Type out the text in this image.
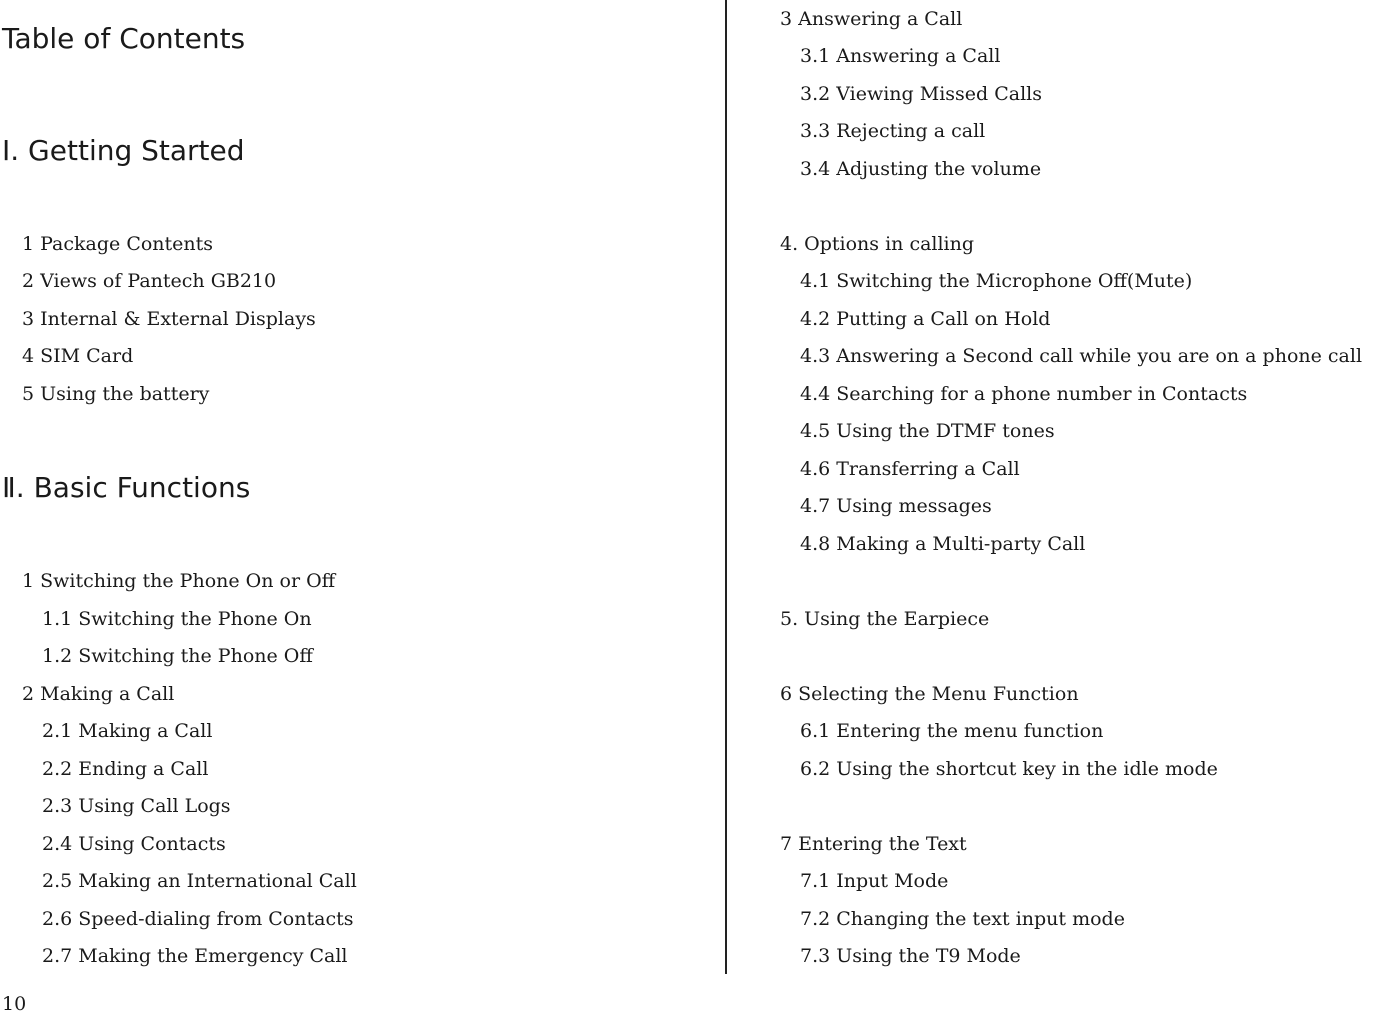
Table of Contents
Ⅰ. Getting Started
1 Package Contents
2 Views of Pantech GB210
3 Internal & External Displays
4 SIM Card
5 Using the battery
Ⅱ. Basic Functions
1 Switching the Phone On or Off
1.1 Switching the Phone On
1.2 Switching the Phone Off
2 Making a Call
2.1 Making a Call
2.2 Ending a Call
2.3 Using Call Logs
2.4 Using Contacts
2.5 Making an International Call
2.6 Speed-dialing from Contacts
2.7 Making the Emergency Call
3 Answering a Call
3.1 Answering a Call
3.2 Viewing Missed Calls
3.3 Rejecting a call
3.4 Adjusting the volume
4. Options in calling
4.1 Switching the Microphone Off(Mute)
4.2 Putting a Call on Hold
4.3 Answering a Second call while you are on a phone call
4.4 Searching for a phone number in Contacts
4.5 Using the DTMF tones
4.6 Transferring a Call
4.7 Using messages
4.8 Making a Multi-party Call
5. Using the Earpiece
6 Selecting the Menu Function
6.1 Entering the menu function
6.2 Using the shortcut key in the idle mode
7 Entering the Text
7.1 Input Mode
7.2 Changing the text input mode
7.3 Using the T9 Mode
10
